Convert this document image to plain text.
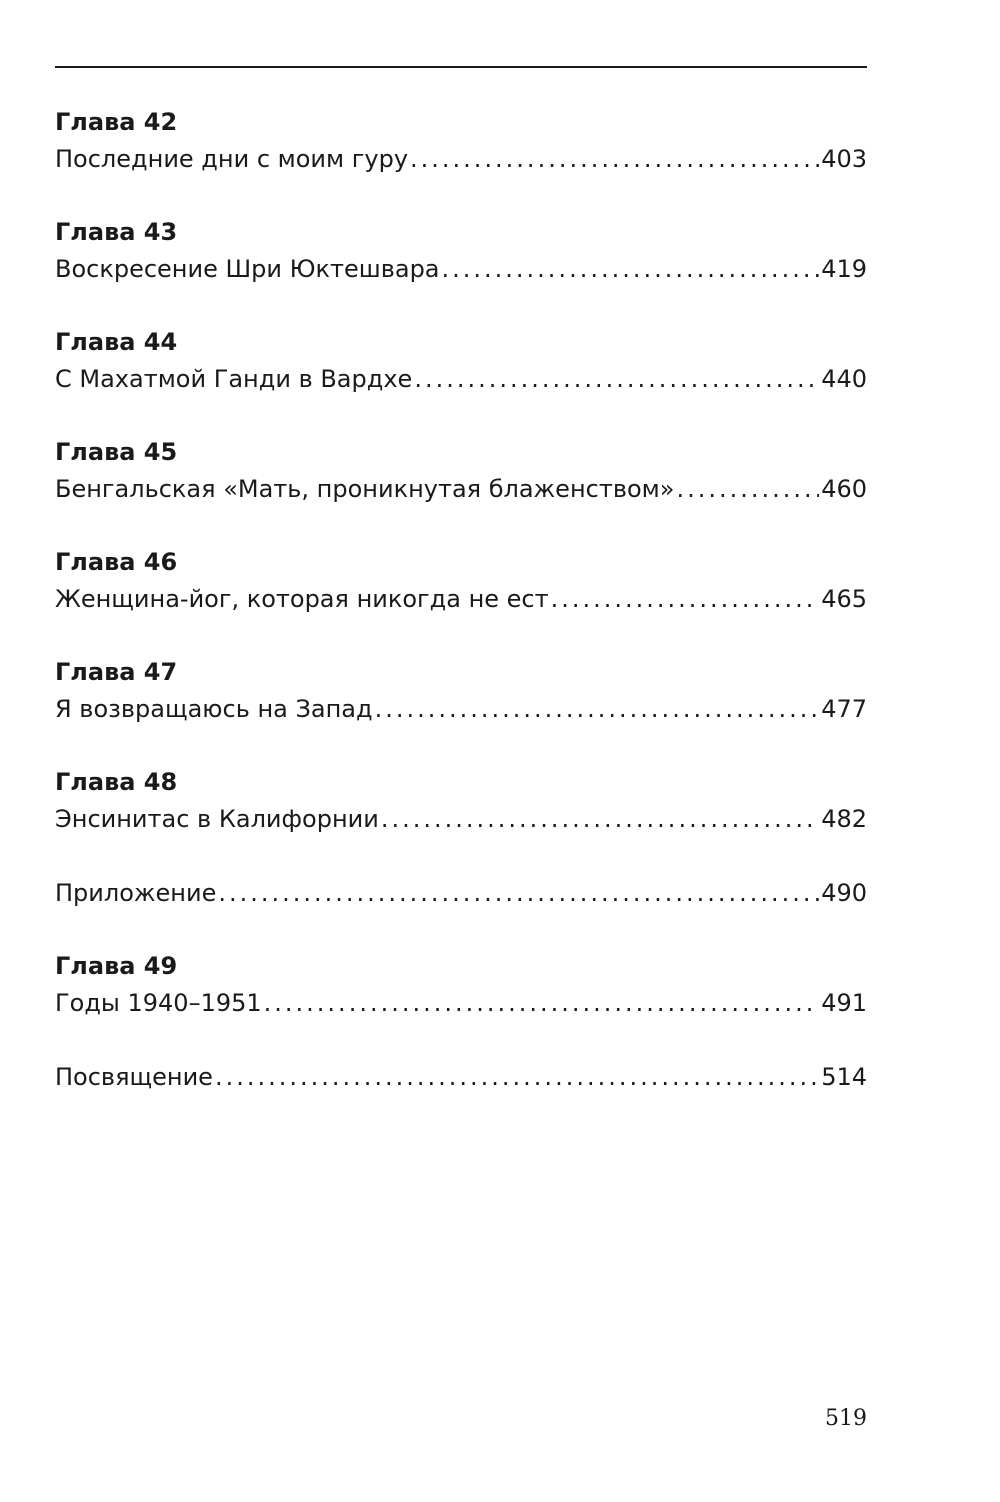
Глава 42
Последние дни с моим гуру .....	403
Глава 43
Воскресение Шри Юктешвара .....	419
Глава 44
С Махатмой Ганди в Вардхе .....	440
Глава 45
Бенгальская «Мать, проникнутая блаженством» .....	460
Глава 46
Женщина-йог, которая никогда не ест .....	465
Глава 47
Я возвращаюсь на Запад .....	477
Глава 48
Энсинитас в Калифорнии .....	482
Приложение .....	490
Глава 49
Годы 1940–1951 .....	491
Посвящение .....	514
519
